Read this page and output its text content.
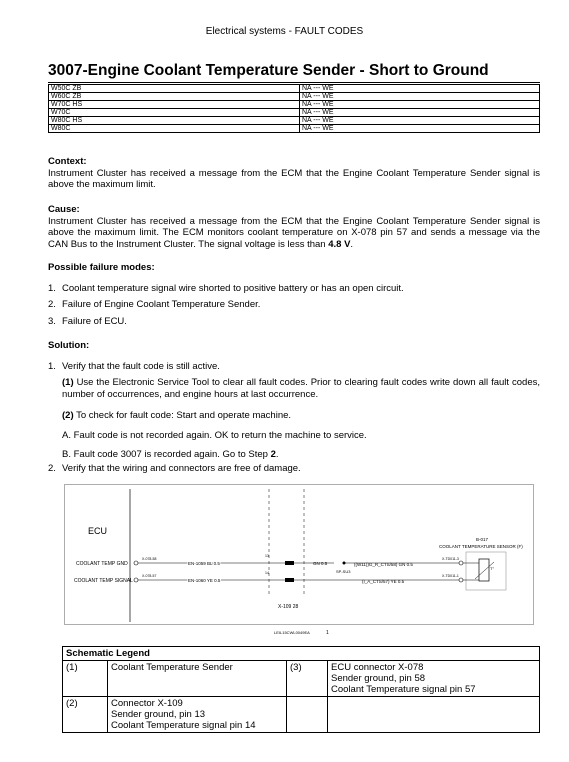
Electrical systems - FAULT CODES
3007-Engine Coolant Temperature Sender - Short to Ground
W50C ZB	NA --- WE
W60C ZB	NA --- WE
W70C HS	NA --- WE
W70C	NA --- WE
W80C HS	NA --- WE
W80C	NA --- WE
Context:
Instrument Cluster has received a message from the ECM that the Engine Coolant Temperature Sender signal is above the maximum limit.
Cause:
Instrument Cluster has received a message from the ECM that the Engine Coolant Temperature Sender signal is above the maximum limit. The ECM monitors coolant temperature on X-078 pin 57 and sends a message via the CAN Bus to the Instrument Cluster. The signal voltage is less than 4.8 V.
Possible failure modes:
1. Coolant temperature signal wire shorted to positive battery or has an open circuit.
2. Failure of Engine Coolant Temperature Sender.
3. Failure of ECU.
Solution:
1. Verify that the fault code is still active.
(1) Use the Electronic Service Tool to clear all fault codes. Prior to clearing fault codes write down all fault codes, number of occurrences, and engine hours at last occurrence.
(2) To check for fault code: Start and operate machine.
A. Fault code is not recorded again. OK to return the machine to service.
B. Fault code 3007 is recorded again. Go to Step 2.
2. Verify that the wiring and connectors are free of damage.
ECU
COOLANT TEMP GND
COOLANT TEMP SIGNAL
X-078-58
X-078-57
EN-1059 BL 0.5
EN-1060 YE 0.5
13
14
X-109 28
GN 0.5
SP-SU3
((W11))G_R_CTS/58) GN 0.5
(I_A_CTS/57) YE 0.5
X-TD011-3
X-TD011-1
T°
B-017
COOLANT TEMPERATURE SENSOR (F)
LEIL15CWL0049EA	1
Schematic Legend			
(1)	Coolant Temperature Sender	(3)	ECU connector X-078
Sender ground, pin 58
Coolant Temperature signal pin 57

(2)	Connector X-109
Sender ground, pin 13
Coolant Temperature signal pin 14		
